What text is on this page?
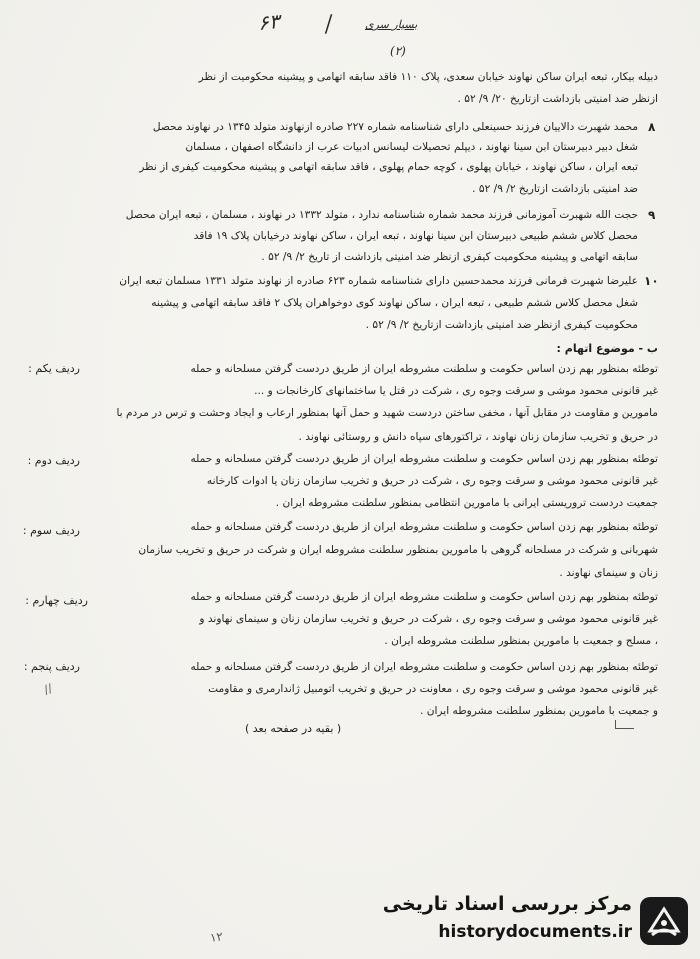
۶۳ /	بسیار سری
(۲)
دبیله بیکار، تبعه ایران ساکن نهاوند خیابان سعدی، پلاک ۱۱۰ فاقد سابقه اتهامی و پیشینه محکومیت از نظر
ازنظر ضد امنیتی بازداشت ازتاریخ ۲۰/ ۹/ ۵۲ .
۸
محمد شهبرت دالاییان فرزند حسینعلی دارای شناسنامه شماره ۲۲۷ صادره ازنهاوند متولد ۱۳۴۵ در نهاوند محصل
شغل دبیر دبیرستان ابن سینا نهاوند ، دیپلم تحصیلات لیسانس ادبیات عرب از دانشگاه اصفهان ، مسلمان
تبعه ایران ، ساکن نهاوند ، خیابان پهلوی ، کوچه حمام پهلوی ، فاقد سابقه اتهامی و پیشینه محکومیت کیفری از نظر
ضد امنیتی بازداشت ازتاریخ ۲/ ۹/ ۵۲ .
۹
حجت الله شهبرت آموزمانی فرزند محمد شماره شناسنامه ندارد ، متولد ۱۳۳۲ در نهاوند ، مسلمان ، تبعه ایران محصل
محصل کلاس ششم طبیعی دبیرستان ابن سینا نهاوند ، تبعه ایران ، ساکن نهاوند درخیابان پلاک ۱۹ فاقد
سابقه اتهامی و پیشینه محکومیت کیفری ازنظر ضد امنیتی بازداشت از تاریخ ۲/ ۹/ ۵۲ .
۱۰
علیرضا شهبرت فرمانی فرزند محمدحسین دارای شناسنامه شماره ۶۲۳ صادره از نهاوند متولد ۱۳۳۱ مسلمان تبعه ایران
شغل محصل کلاس ششم طبیعی ، تبعه ایران ، ساکن نهاوند کوی دوخواهران پلاک ۲ فاقد سابقه اتهامی و پیشینه
محکومیت کیفری ازنظر ضد امنیتی بازداشت ازتاریخ ۲/ ۹/ ۵۲ .
ب - موضوع اتهام :
ردیف یکم :	توطئه بمنظور بهم زدن اساس حکومت و سلطنت مشروطه ایران از طریق دردست گرفتن مسلحانه و حمله
غیر قانونی محمود موشی و سرقت وجوه ری ، شرکت در قتل یا ساختمانهای کارخانجات و ...
مامورین و مقاومت در مقابل آنها ، مخفی ساختن دردست شهید و حمل آنها بمنظور ارعاب و ایجاد وحشت و ترس در مردم با
در حریق و تخریب سازمان زنان نهاوند ، تراکتورهای سپاه دانش و روستائی نهاوند .
ردیف دوم :	توطئه بمنظور بهم زدن اساس حکومت و سلطنت مشروطه ایران از طریق دردست گرفتن مسلحانه و حمله
غیر قانونی محمود موشی و سرقت وجوه ری ، شرکت در حریق و تخریب سازمان زنان یا ادوات کارخانه
جمعیت دردست تروریستی ایرانی با مامورین انتظامی بمنظور سلطنت مشروطه ایران .
ردیف سوم :	توطئه بمنظور بهم زدن اساس حکومت و سلطنت مشروطه ایران از طریق دردست گرفتن مسلحانه و حمله
شهربانی و شرکت در مسلحانه گروهی با مامورین بمنظور سلطنت مشروطه ایران و شرکت در حریق و تخریب سازمان
زنان و سینمای نهاوند .
ردیف چهارم :	توطئه بمنظور بهم زدن اساس حکومت و سلطنت مشروطه ایران از طریق دردست گرفتن مسلحانه و حمله
غیر قانونی محمود موشی و سرقت وجوه ری ، شرکت در حریق و تخریب سازمان زنان و سینمای نهاوند و
، مسلح و جمعیت با مامورین بمنظور سلطنت مشروطه ایران .
ردیف پنجم :	توطئه بمنظور بهم زدن اساس حکومت و سلطنت مشروطه ایران از طریق دردست گرفتن مسلحانه و حمله
غیر قانونی محمود موشی و سرقت وجوه ری ، معاونت در حریق و تخریب اتومبیل ژاندارمری و مقاومت
و جمعیت با مامورین بمنظور سلطنت مشروطه ایران .
//
( بقیه در صفحه بعد )
۱۲
مرکز بررسی اسناد تاریخی
historydocuments.ir
